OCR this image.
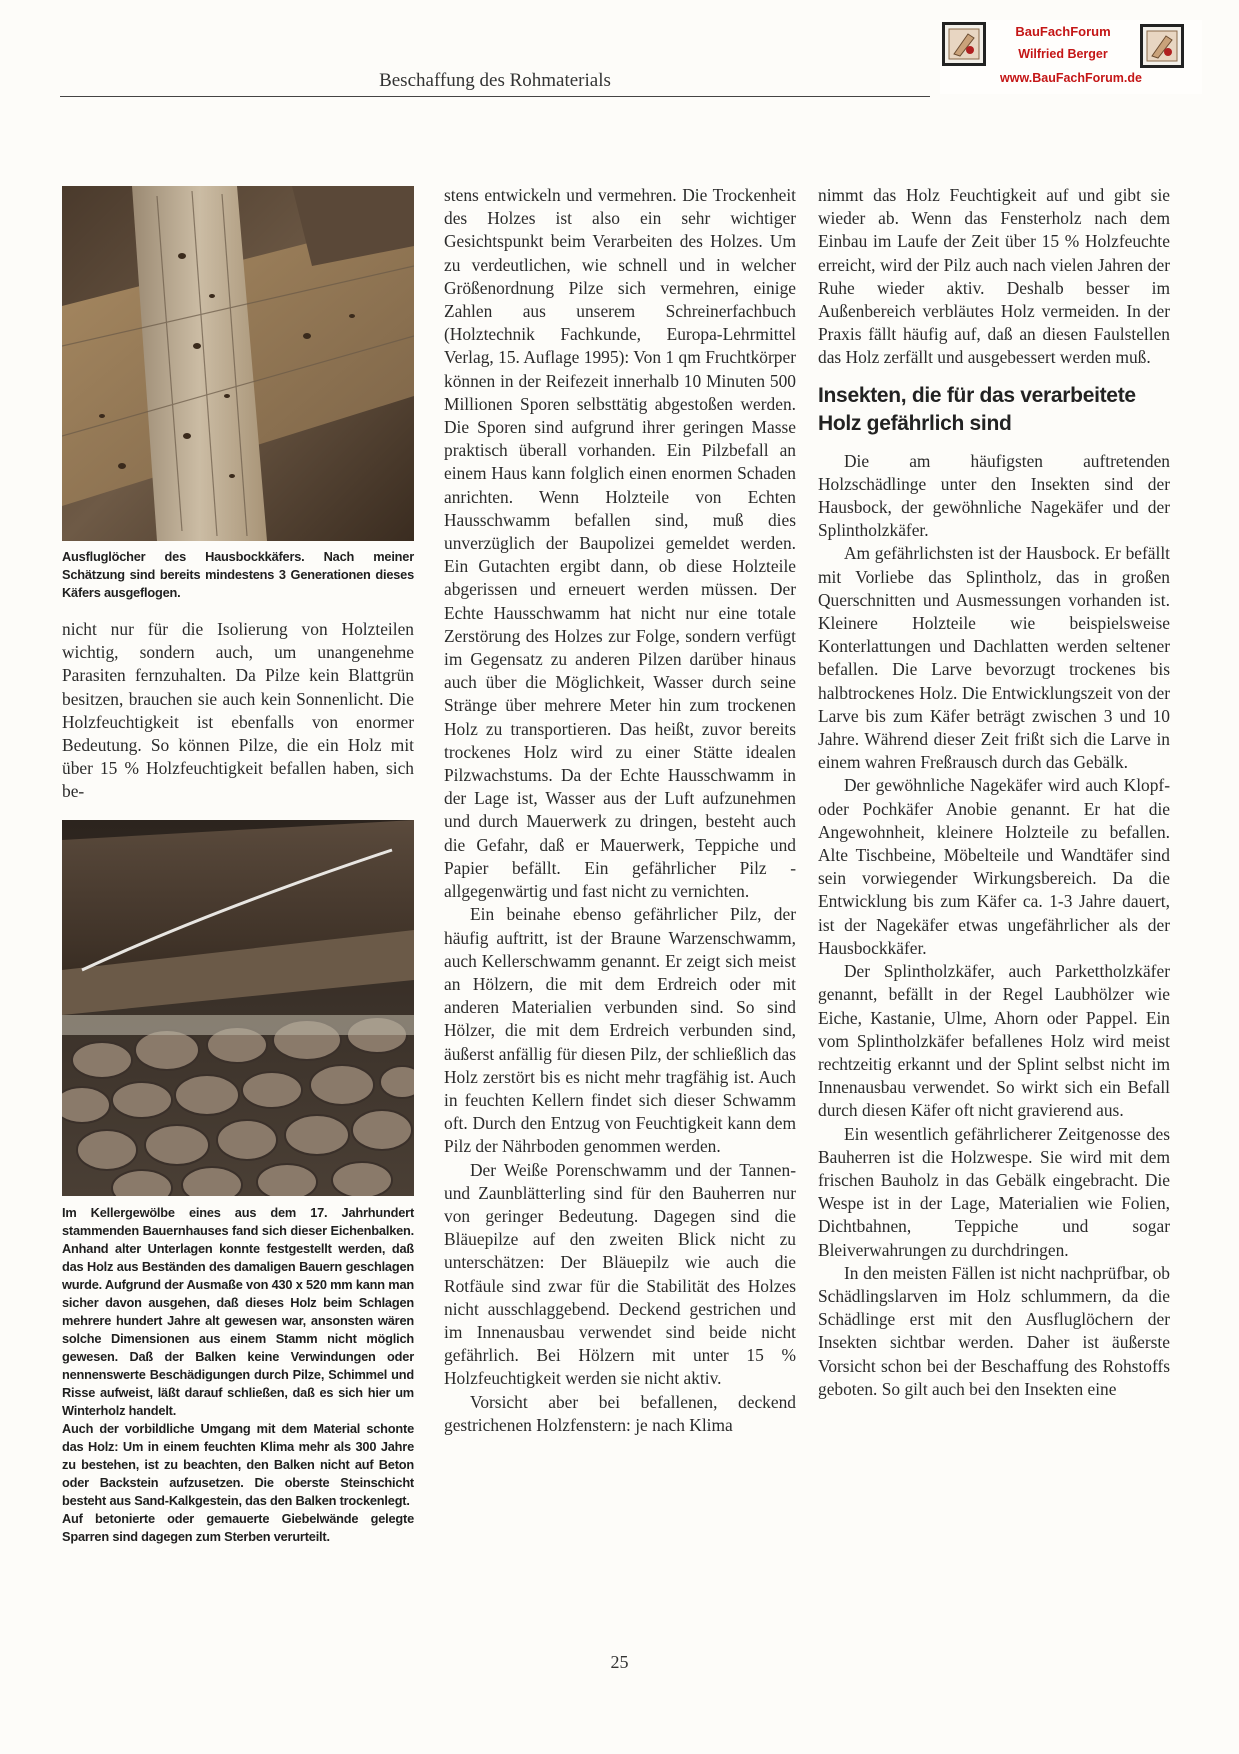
Beschaffung des Rohmaterials
BauFachForum
Wilfried Berger
www.BauFachForum.de
Ausfluglöcher des Hausbockkäfers. Nach meiner Schätzung sind bereits mindestens 3 Generationen dieses Käfers ausgeflogen.

nicht nur für die Isolierung von Holzteilen wichtig, sondern auch, um unangenehme Parasiten fernzuhalten. Da Pilze kein Blattgrün besitzen, brauchen sie auch kein Sonnenlicht. Die Holzfeuchtigkeit ist ebenfalls von enormer Bedeutung. So können Pilze, die ein Holz mit über 15 % Holzfeuchtigkeit befallen haben, sich be-

Im Kellergewölbe eines aus dem 17. Jahrhundert stammenden Bauernhauses fand sich dieser Eichenbalken. Anhand alter Unterlagen konnte festgestellt werden, daß das Holz aus Beständen des damaligen Bauern geschlagen wurde. Aufgrund der Ausmaße von 430 x 520 mm kann man sicher davon ausgehen, daß dieses Holz beim Schlagen mehrere hundert Jahre alt gewesen war, ansonsten wären solche Dimensionen aus einem Stamm nicht möglich gewesen. Daß der Balken keine Verwindungen oder nennenswerte Beschädigungen durch Pilze, Schimmel und Risse aufweist, läßt darauf schließen, daß es sich hier um Winterholz handelt.
Auch der vorbildliche Umgang mit dem Material schonte das Holz: Um in einem feuchten Klima mehr als 300 Jahre zu bestehen, ist zu beachten, den Balken nicht auf Beton oder Backstein aufzusetzen. Die oberste Steinschicht besteht aus Sand-Kalkgestein, das den Balken trockenlegt.
Auf betonierte oder gemauerte Giebelwände gelegte Sparren sind dagegen zum Sterben verurteilt.

stens entwickeln und vermehren. Die Trockenheit des Holzes ist also ein sehr wichtiger Gesichtspunkt beim Verarbeiten des Holzes. Um zu verdeutlichen, wie schnell und in welcher Größenordnung Pilze sich vermehren, einige Zahlen aus unserem Schreinerfachbuch (Holztechnik Fachkunde, Europa-Lehrmittel Verlag, 15. Auflage 1995): Von 1 qm Fruchtkörper können in der Reifezeit innerhalb 10 Minuten 500 Millionen Sporen selbsttätig abgestoßen werden. Die Sporen sind aufgrund ihrer geringen Masse praktisch überall vorhanden. Ein Pilzbefall an einem Haus kann folglich einen enormen Schaden anrichten. Wenn Holzteile von Echten Hausschwamm befallen sind, muß dies unverzüglich der Baupolizei gemeldet werden. Ein Gutachten ergibt dann, ob diese Holzteile abgerissen und erneuert werden müssen. Der Echte Hausschwamm hat nicht nur eine totale Zerstörung des Holzes zur Folge, sondern verfügt im Gegensatz zu anderen Pilzen darüber hinaus auch über die Möglichkeit, Wasser durch seine Stränge über mehrere Meter hin zum trockenen Holz zu transportieren. Das heißt, zuvor bereits trockenes Holz wird zu einer Stätte idealen Pilzwachstums. Da der Echte Hausschwamm in der Lage ist, Wasser aus der Luft aufzunehmen und durch Mauerwerk zu dringen, besteht auch die Gefahr, daß er Mauerwerk, Teppiche und Papier befällt. Ein gefährlicher Pilz - allgegenwärtig und fast nicht zu vernichten.

Ein beinahe ebenso gefährlicher Pilz, der häufig auftritt, ist der Braune Warzenschwamm, auch Kellerschwamm genannt. Er zeigt sich meist an Hölzern, die mit dem Erdreich oder mit anderen Materialien verbunden sind. So sind Hölzer, die mit dem Erdreich verbunden sind, äußerst anfällig für diesen Pilz, der schließlich das Holz zerstört bis es nicht mehr tragfähig ist. Auch in feuchten Kellern findet sich dieser Schwamm oft. Durch den Entzug von Feuchtigkeit kann dem Pilz der Nährboden genommen werden.

Der Weiße Porenschwamm und der Tannen- und Zaunblätterling sind für den Bauherren nur von geringer Bedeutung. Dagegen sind die Bläuepilze auf den zweiten Blick nicht zu unterschätzen: Der Bläuepilz wie auch die Rotfäule sind zwar für die Stabilität des Holzes nicht ausschlaggebend. Deckend gestrichen und im Innenausbau verwendet sind beide nicht gefährlich. Bei Hölzern mit unter 15 % Holzfeuchtigkeit werden sie nicht aktiv.

Vorsicht aber bei befallenen, deckend gestrichenen Holzfenstern: je nach Klima

nimmt das Holz Feuchtigkeit auf und gibt sie wieder ab. Wenn das Fensterholz nach dem Einbau im Laufe der Zeit über 15 % Holzfeuchte erreicht, wird der Pilz auch nach vielen Jahren der Ruhe wieder aktiv. Deshalb besser im Außenbereich verbläutes Holz vermeiden. In der Praxis fällt häufig auf, daß an diesen Faulstellen das Holz zerfällt und ausgebessert werden muß.

Insekten, die für das verarbeitete Holz gefährlich sind

Die am häufigsten auftretenden Holzschädlinge unter den Insekten sind der Hausbock, der gewöhnliche Nagekäfer und der Splintholzkäfer.

Am gefährlichsten ist der Hausbock. Er befällt mit Vorliebe das Splintholz, das in großen Querschnitten und Ausmessungen vorhanden ist. Kleinere Holzteile wie beispielsweise Konterlattungen und Dachlatten werden seltener befallen. Die Larve bevorzugt trockenes bis halbtrockenes Holz. Die Entwicklungszeit von der Larve bis zum Käfer beträgt zwischen 3 und 10 Jahre. Während dieser Zeit frißt sich die Larve in einem wahren Freßrausch durch das Gebälk.

Der gewöhnliche Nagekäfer wird auch Klopf- oder Pochkäfer Anobie genannt. Er hat die Angewohnheit, kleinere Holzteile zu befallen. Alte Tischbeine, Möbelteile und Wandtäfer sind sein vorwiegender Wirkungsbereich. Da die Entwicklung bis zum Käfer ca. 1-3 Jahre dauert, ist der Nagekäfer etwas ungefährlicher als der Hausbockkäfer.

Der Splintholzkäfer, auch Parkettholzkäfer genannt, befällt in der Regel Laubhölzer wie Eiche, Kastanie, Ulme, Ahorn oder Pappel. Ein vom Splintholzkäfer befallenes Holz wird meist rechtzeitig erkannt und der Splint selbst nicht im Innenausbau verwendet. So wirkt sich ein Befall durch diesen Käfer oft nicht gravierend aus.

Ein wesentlich gefährlicherer Zeitgenosse des Bauherren ist die Holzwespe. Sie wird mit dem frischen Bauholz in das Gebälk eingebracht. Die Wespe ist in der Lage, Materialien wie Folien, Dichtbahnen, Teppiche und sogar Bleiverwahrungen zu durchdringen.

In den meisten Fällen ist nicht nachprüfbar, ob Schädlingslarven im Holz schlummern, da die Schädlinge erst mit den Ausfluglöchern der Insekten sichtbar werden. Daher ist äußerste Vorsicht schon bei der Beschaffung des Rohstoffs geboten. So gilt auch bei den Insekten eine

25
